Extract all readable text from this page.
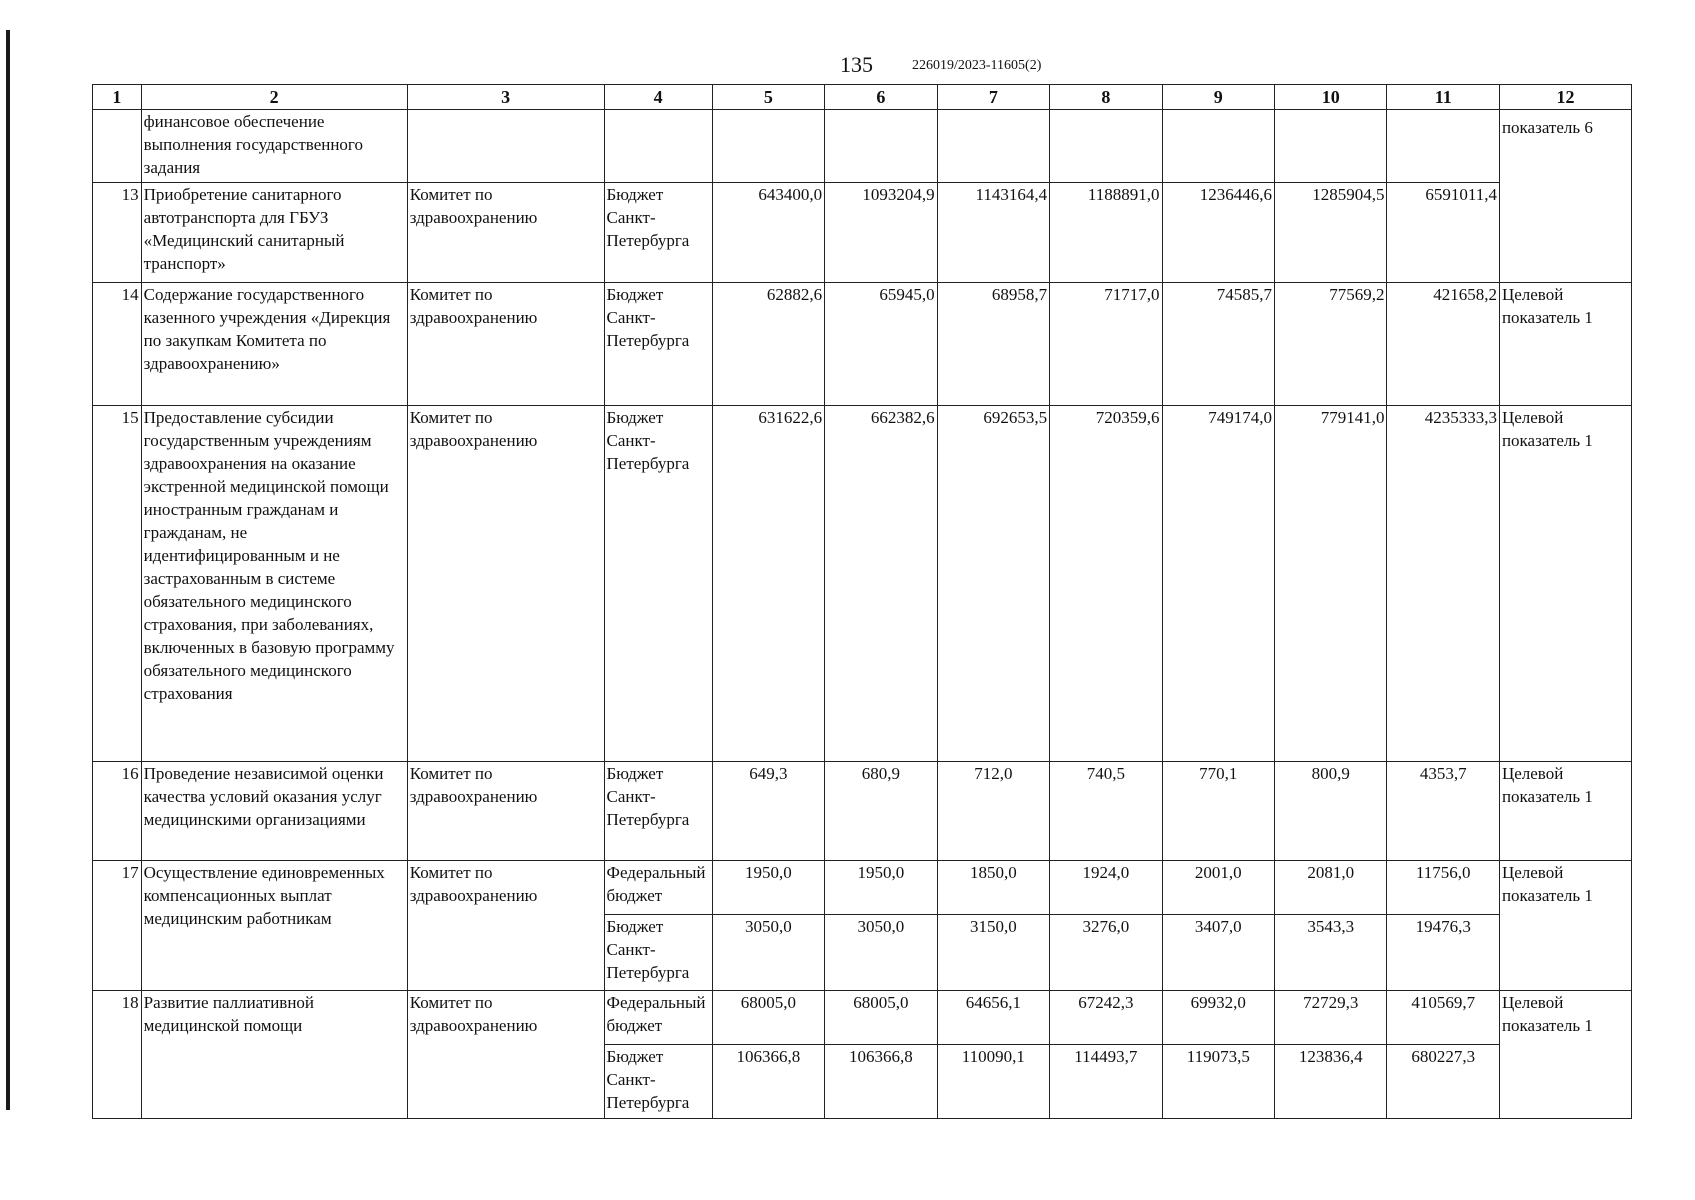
135	226019/2023-11605(2)
1	2	3	4	5	6	7	8	9	10	11	12
	финансовое обеспечение выполнения государственного задания										показатель 6
13	Приобретение санитарного автотранспорта для ГБУЗ «Медицинский санитарный транспорт»	Комитет по здравоохранению	Бюджет Санкт-Петербурга	643400,0	1093204,9	1143164,4	1188891,0	1236446,6	1285904,5	6591011,4	
14	Содержание государственного казенного учреждения «Дирекция по закупкам Комитета по здравоохранению»	Комитет по здравоохранению	Бюджет Санкт-Петербурга	62882,6	65945,0	68958,7	71717,0	74585,7	77569,2	421658,2	Целевой показатель 1
15	Предоставление субсидии государственным учреждениям здравоохранения на оказание экстренной медицинской помощи иностранным гражданам и гражданам, не идентифицированным и не застрахованным в системе обязательного медицинского страхования, при заболеваниях, включенных в базовую программу обязательного медицинского страхования	Комитет по здравоохранению	Бюджет Санкт-Петербурга	631622,6	662382,6	692653,5	720359,6	749174,0	779141,0	4235333,3	Целевой показатель 1
16	Проведение независимой оценки качества условий оказания услуг медицинскими организациями	Комитет по здравоохранению	Бюджет Санкт-Петербурга	649,3	680,9	712,0	740,5	770,1	800,9	4353,7	Целевой показатель 1
17	Осуществление единовременных компенсационных выплат медицинским работникам	Комитет по здравоохранению	Федеральный бюджет	1950,0	1950,0	1850,0	1924,0	2001,0	2081,0	11756,0	Целевой показатель 1
			Бюджет Санкт-Петербурга	3050,0	3050,0	3150,0	3276,0	3407,0	3543,3	19476,3	
18	Развитие паллиативной медицинской помощи	Комитет по здравоохранению	Федеральный бюджет	68005,0	68005,0	64656,1	67242,3	69932,0	72729,3	410569,7	Целевой показатель 1
			Бюджет Санкт-Петербурга	106366,8	106366,8	110090,1	114493,7	119073,5	123836,4	680227,3	
